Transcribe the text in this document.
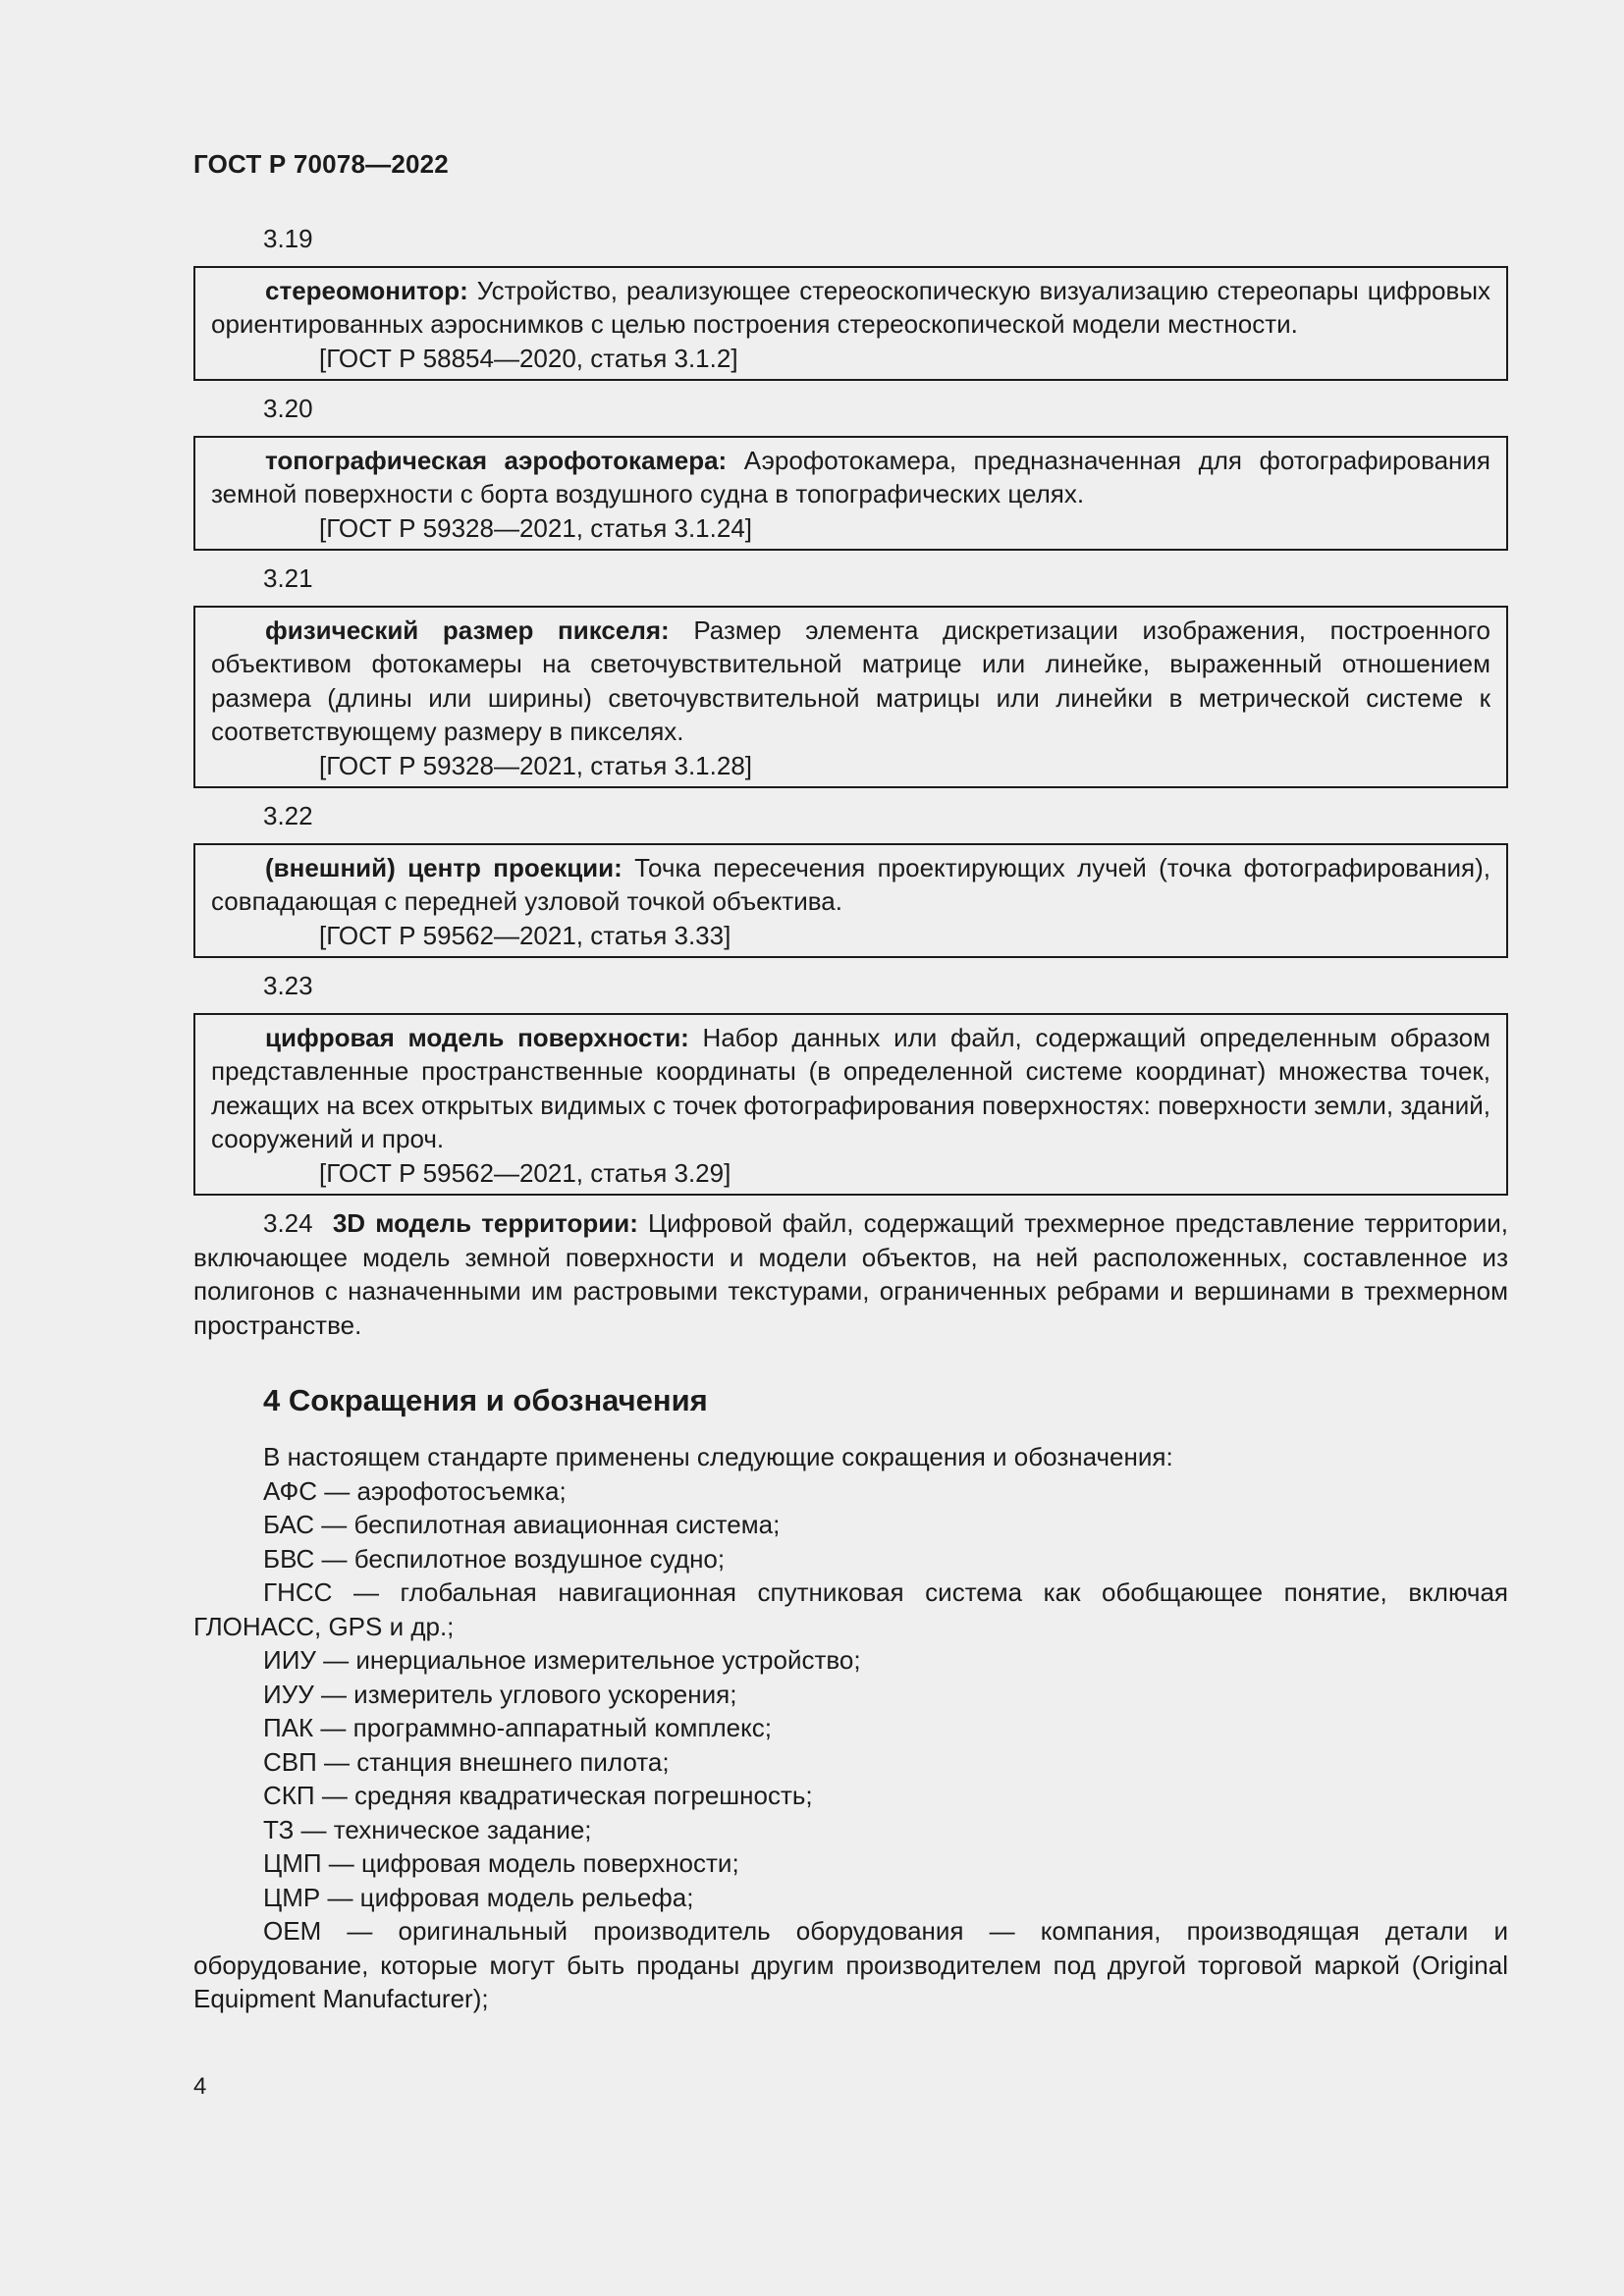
ГОСТ Р 70078—2022
3.19

стереомонитор: Устройство, реализующее стереоскопическую визуализацию стереопары цифровых ориентированных аэроснимков с целью построения стереоскопической модели местности.

[ГОСТ Р 58854—2020, статья 3.1.2]

3.20

топографическая аэрофотокамера: Аэрофотокамера, предназначенная для фотографирования земной поверхности с борта воздушного судна в топографических целях.

[ГОСТ Р 59328—2021, статья 3.1.24]

3.21

физический размер пикселя: Размер элемента дискретизации изображения, построенного объективом фотокамеры на светочувствительной матрице или линейке, выраженный отношением размера (длины или ширины) светочувствительной матрицы или линейки в метрической системе к соответствующему размеру в пикселях.

[ГОСТ Р 59328—2021, статья 3.1.28]

3.22

(внешний) центр проекции: Точка пересечения проектирующих лучей (точка фотографирования), совпадающая с передней узловой точкой объектива.

[ГОСТ Р 59562—2021, статья 3.33]

3.23

цифровая модель поверхности: Набор данных или файл, содержащий определенным образом представленные пространственные координаты (в определенной системе координат) множества точек, лежащих на всех открытых видимых с точек фотографирования поверхностях: поверхности земли, зданий, сооружений и проч.

[ГОСТ Р 59562—2021, статья 3.29]

3.24 3D модель территории: Цифровой файл, содержащий трехмерное представление территории, включающее модель земной поверхности и модели объектов, на ней расположенных, составленное из полигонов с назначенными им растровыми текстурами, ограниченных ребрами и вершинами в трехмерном пространстве.

4 Сокращения и обозначения
В настоящем стандарте применены следующие сокращения и обозначения:
АФС — аэрофотосъемка;
БАС — беспилотная авиационная система;
БВС — беспилотное воздушное судно;
ГНСС — глобальная навигационная спутниковая система как обобщающее понятие, включая ГЛОНАСС, GPS и др.;
ИИУ — инерциальное измерительное устройство;
ИУУ — измеритель углового ускорения;
ПАК — программно-аппаратный комплекс;
СВП — станция внешнего пилота;
СКП — средняя квадратическая погрешность;
ТЗ — техническое задание;
ЦМП — цифровая модель поверхности;
ЦМР — цифровая модель рельефа;
OEM — оригинальный производитель оборудования — компания, производящая детали и оборудование, которые могут быть проданы другим производителем под другой торговой маркой (Original Equipment Manufacturer);
4
